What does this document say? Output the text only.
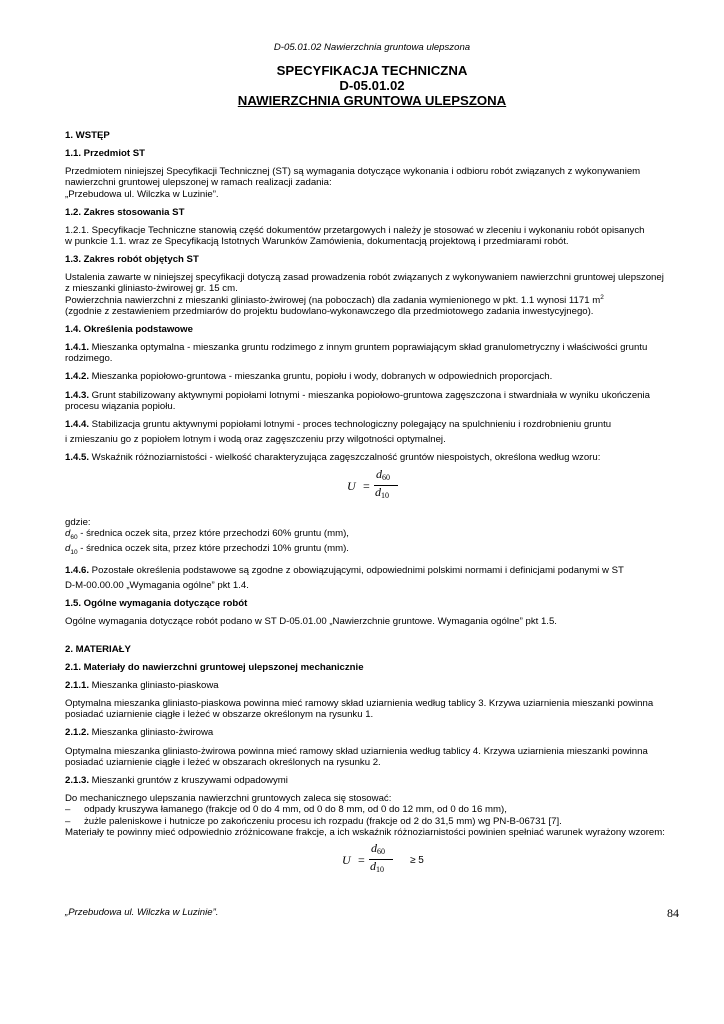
D-05.01.02 Nawierzchnia gruntowa ulepszona
SPECYFIKACJA TECHNICZNA
D-05.01.02
NAWIERZCHNIA GRUNTOWA ULEPSZONA
1. WSTĘP
1.1. Przedmiot ST

Przedmiotem niniejszej Specyfikacji Technicznej (ST) są wymagania dotyczące wykonania i odbioru robót związanych z wykonywaniem
nawierzchni gruntowej ulepszonej w ramach realizacji zadania:
„Przebudowa ul. Wilczka w Luzinie”.

1.2. Zakres stosowania ST

1.2.1. Specyfikacje Techniczne stanowią część dokumentów przetargowych i należy je stosować w zleceniu i wykonaniu robót opisanych
w punkcie 1.1. wraz ze Specyfikacją Istotnych Warunków Zamówienia, dokumentacją projektową i przedmiarami robót.

1.3. Zakres robót objętych ST

Ustalenia zawarte w niniejszej specyfikacji dotyczą zasad prowadzenia robót związanych z wykonywaniem nawierzchni gruntowej ulepszonej
z mieszanki gliniasto-żwirowej gr. 15 cm.
Powierzchnia nawierzchni z mieszanki gliniasto-żwirowej (na poboczach) dla zadania wymienionego w pkt. 1.1 wynosi 1171 $m^2$
(zgodnie z zestawieniem przedmiarów do projektu budowlano-wykonawczego dla przedmiotowego zadania inwestycyjnego).

1.4. Określenia podstawowe

1.4.1. Mieszanka optymalna - mieszanka gruntu rodzimego z innym gruntem poprawiającym skład granulometryczny i właściwości gruntu
rodzimego.

1.4.2. Mieszanka popiołowo-gruntowa - mieszanka gruntu, popiołu i wody, dobranych w odpowiednich proporcjach.

1.4.3. Grunt stabilizowany aktywnymi popiołami lotnymi - mieszanka popiołowo-gruntowa zagęszczona i stwardniała w wyniku ukończenia
procesu wiązania popiołu.

1.4.4. Stabilizacja gruntu aktywnymi popiołami lotnymi - proces technologiczny polegający na spulchnieniu i rozdrobnieniu gruntu

i zmieszaniu go z popiołem lotnym i wodą oraz zagęszczeniu przy wilgotności optymalnej.

1.4.5. Wskaźnik różnoziarnistości - wielkość charakteryzująca zagęszczalność gruntów niespoistych, określona według wzoru:

U =
$d_{60}$
$d_{10}$

gdzie:
$d_{60}$ - średnica oczek sita, przez które przechodzi 60% gruntu (mm),
$d_{10}$ - średnica oczek sita, przez które przechodzi 10% gruntu (mm).

1.4.6. Pozostałe określenia podstawowe są zgodne z obowiązującymi, odpowiednimi polskimi normami i definicjami podanymi w ST

D-M-00.00.00 „Wymagania ogólne” pkt 1.4.

1.5. Ogólne wymagania dotyczące robót

Ogólne wymagania dotyczące robót podano w ST D-05.01.00 „Nawierzchnie gruntowe. Wymagania ogólne” pkt 1.5.

2. MATERIAŁY
2.1. Materiały do nawierzchni gruntowej ulepszonej mechanicznie

2.1.1. Mieszanka gliniasto-piaskowa

Optymalna mieszanka gliniasto-piaskowa powinna mieć ramowy skład uziarnienia według tablicy 3. Krzywa uziarnienia mieszanki powinna
posiadać uziarnienie ciągłe i leżeć w obszarze określonym na rysunku 1.

2.1.2. Mieszanka gliniasto-żwirowa

Optymalna mieszanka gliniasto-żwirowa powinna mieć ramowy skład uziarnienia według tablicy 4. Krzywa uziarnienia mieszanki powinna
posiadać uziarnienie ciągłe i leżeć w obszarach określonych na rysunku 2.

2.1.3. Mieszanki gruntów z kruszywami odpadowymi

Do mechanicznego ulepszania nawierzchni gruntowych zaleca się stosować:
– odpady kruszywa łamanego (frakcje od 0 do 4 mm, od 0 do 8 mm, od 0 do 12 mm, od 0 do 16 mm),
– żużle paleniskowe i hutnicze po zakończeniu procesu ich rozpadu (frakcje od 2 do 31,5 mm) wg PN-B-06731 [7].
Materiały te powinny mieć odpowiednio zróżnicowane frakcje, a ich wskaźnik różnoziarnistości powinien spełniać warunek wyrażony wzorem:

U =
$d_{60}$
$d_{10}$
≥ 5
„Przebudowa ul. Wilczka w Luzinie”.	84
